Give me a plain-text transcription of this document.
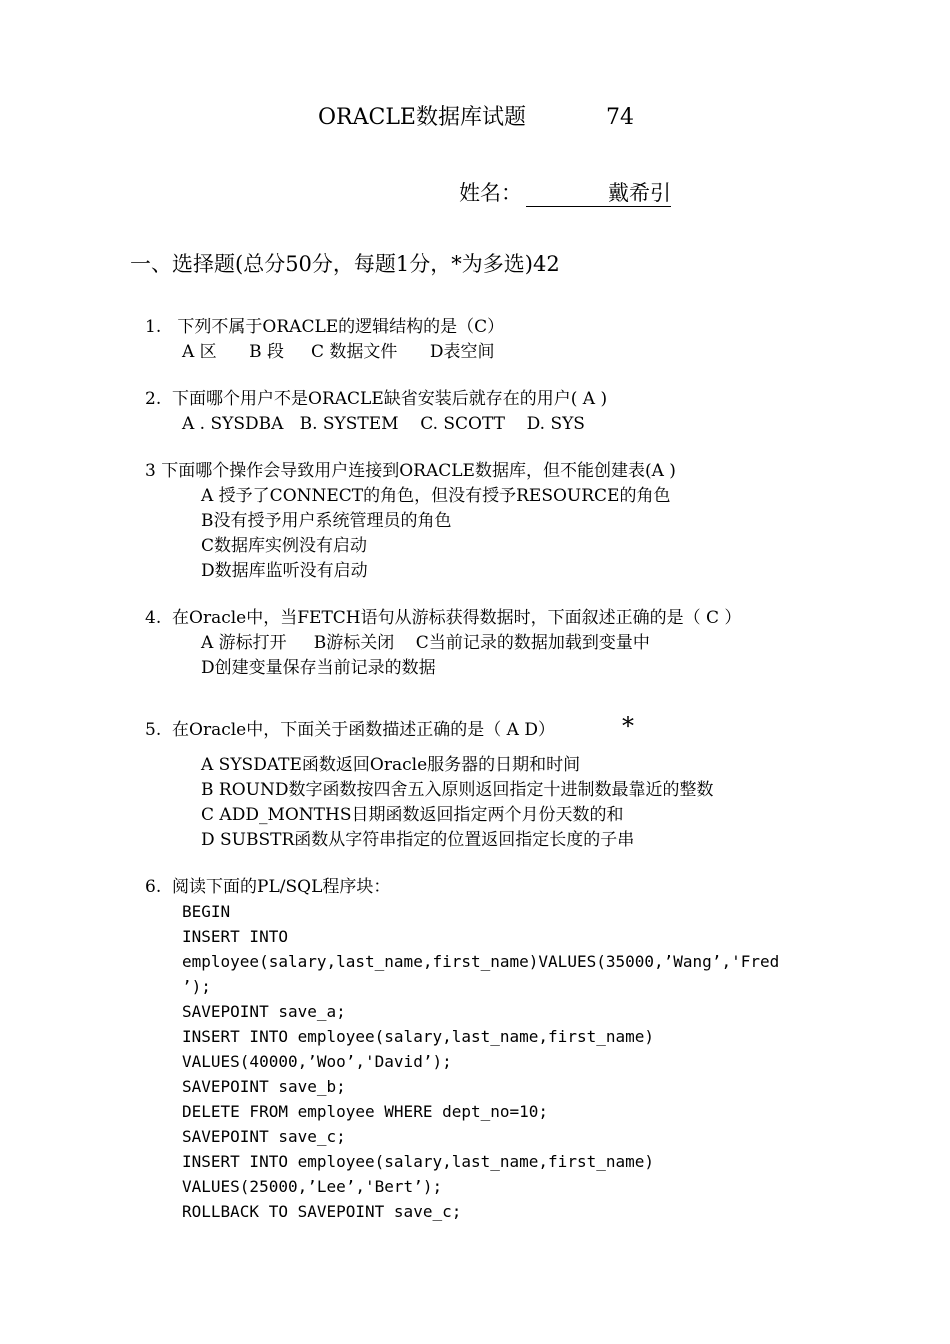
ORACLE数据库试题	74
姓名：	戴希引
一、选择题(总分50分，每题1分，*为多选)42
1.   下列不属于ORACLE的逻辑结构的是（C）
A 区      B 段     C 数据文件      D表空间
2.  下面哪个用户不是ORACLE缺省安装后就存在的用户( A )
A . SYSDBA   B. SYSTEM    C. SCOTT    D. SYS
3 下面哪个操作会导致用户连接到ORACLE数据库，但不能创建表(A )
A 授予了CONNECT的角色，但没有授予RESOURCE的角色
B没有授予用户系统管理员的角色
C数据库实例没有启动
D数据库监听没有启动
4.  在Oracle中，当FETCH语句从游标获得数据时，下面叙述正确的是（ C ）
A 游标打开     B游标关闭    C当前记录的数据加载到变量中
D创建变量保存当前记录的数据
5.  在Oracle中，下面关于函数描述正确的是（ A D）	*
A SYSDATE函数返回Oracle服务器的日期和时间
B ROUND数字函数按四舍五入原则返回指定十进制数最靠近的整数
C ADD_MONTHS日期函数返回指定两个月份天数的和
D SUBSTR函数从字符串指定的位置返回指定长度的子串
6.  阅读下面的PL/SQL程序块：
BEGIN
INSERT INTO
employee(salary,last_name,first_name)VALUES(35000,’Wang’,'Fred
’);
SAVEPOINT save_a;
INSERT INTO employee(salary,last_name,first_name)
VALUES(40000,’Woo’,'David’);
SAVEPOINT save_b;
DELETE FROM employee WHERE dept_no=10;
SAVEPOINT save_c;
INSERT INTO employee(salary,last_name,first_name)
VALUES(25000,’Lee’,'Bert’);
ROLLBACK TO SAVEPOINT save_c;
